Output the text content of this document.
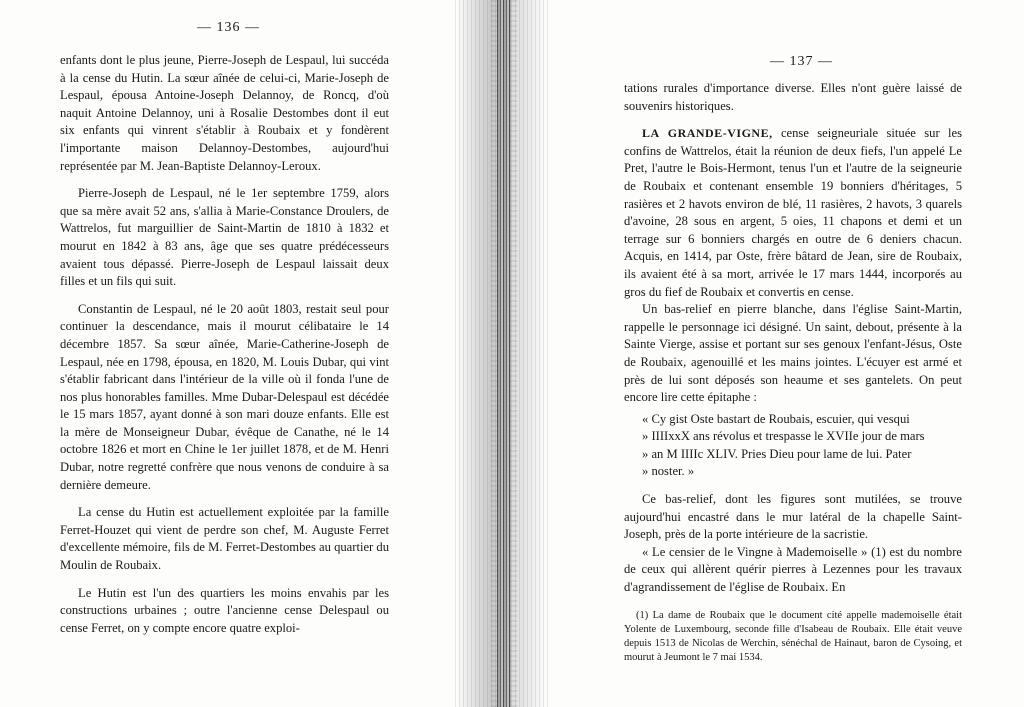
— 136 —

enfants dont le plus jeune, Pierre-Joseph de Lespaul, lui succéda à la cense du Hutin. La sœur aînée de celui-ci, Marie-Joseph de Lespaul, épousa Antoine-Joseph Delannoy, de Roncq, d'où naquit Antoine Delannoy, uni à Rosalie Destombes dont il eut six enfants qui vinrent s'établir à Roubaix et y fondèrent l'importante maison Delannoy-Destombes, aujourd'hui représentée par M. Jean-Baptiste Delannoy-Leroux.

Pierre-Joseph de Lespaul, né le 1er septembre 1759, alors que sa mère avait 52 ans, s'allia à Marie-Constance Droulers, de Wattrelos, fut marguillier de Saint-Martin de 1810 à 1832 et mourut en 1842 à 83 ans, âge que ses quatre prédécesseurs avaient tous dépassé. Pierre-Joseph de Lespaul laissait deux filles et un fils qui suit.

Constantin de Lespaul, né le 20 août 1803, restait seul pour continuer la descendance, mais il mourut célibataire le 14 décembre 1857. Sa sœur aînée, Marie-Catherine-Joseph de Lespaul, née en 1798, épousa, en 1820, M. Louis Dubar, qui vint s'établir fabricant dans l'intérieur de la ville où il fonda l'une de nos plus honorables familles. Mme Dubar-Delespaul est décédée le 15 mars 1857, ayant donné à son mari douze enfants. Elle est la mère de Monseigneur Dubar, évêque de Canathe, né le 14 octobre 1826 et mort en Chine le 1er juillet 1878, et de M. Henri Dubar, notre regretté confrère que nous venons de conduire à sa dernière demeure.

La cense du Hutin est actuellement exploitée par la famille Ferret-Houzet qui vient de perdre son chef, M. Auguste Ferret d'excellente mémoire, fils de M. Ferret-Destombes au quartier du Moulin de Roubaix.

Le Hutin est l'un des quartiers les moins envahis par les constructions urbaines ; outre l'ancienne cense Delespaul ou cense Ferret, on y compte encore quatre exploi-

— 137 —

tations rurales d'importance diverse. Elles n'ont guère laissé de souvenirs historiques.

LA GRANDE-VIGNE, cense seigneuriale située sur les confins de Wattrelos, était la réunion de deux fiefs, l'un appelé Le Pret, l'autre le Bois-Hermont, tenus l'un et l'autre de la seigneurie de Roubaix et contenant ensemble 19 bonniers d'héritages, 5 rasières et 2 havots environ de blé, 11 rasières, 2 havots, 3 quarels d'avoine, 28 sous en argent, 5 oies, 11 chapons et demi et un terrage sur 6 bonniers chargés en outre de 6 deniers chacun. Acquis, en 1414, par Oste, frère bâtard de Jean, sire de Roubaix, ils avaient été à sa mort, arrivée le 17 mars 1444, incorporés au gros du fief de Roubaix et convertis en cense.

Un bas-relief en pierre blanche, dans l'église Saint-Martin, rappelle le personnage ici désigné. Un saint, debout, présente à la Sainte Vierge, assise et portant sur ses genoux l'enfant-Jésus, Oste de Roubaix, agenouillé et les mains jointes. L'écuyer est armé et près de lui sont déposés son heaume et ses gantelets. On peut encore lire cette épitaphe :

« Cy gist Oste bastart de Roubais, escuier, qui vesqui

» IIIIxxX ans révolus et trespasse le XVIIe jour de mars

» an M IIIIc XLIV. Pries Dieu pour lame de lui. Pater

» noster. »

Ce bas-relief, dont les figures sont mutilées, se trouve aujourd'hui encastré dans le mur latéral de la chapelle Saint-Joseph, près de la porte intérieure de la sacristie.

« Le censier de le Vingne à Mademoiselle » (1) est du nombre de ceux qui allèrent quérir pierres à Lezennes pour les travaux d'agrandissement de l'église de Roubaix. En

(1) La dame de Roubaix que le document cité appelle mademoiselle était Yolente de Luxembourg, seconde fille d'Isabeau de Roubaix. Elle était veuve depuis 1513 de Nicolas de Werchin, sénéchal de Hainaut, baron de Cysoing, et mourut à Jeumont le 7 mai 1534.
